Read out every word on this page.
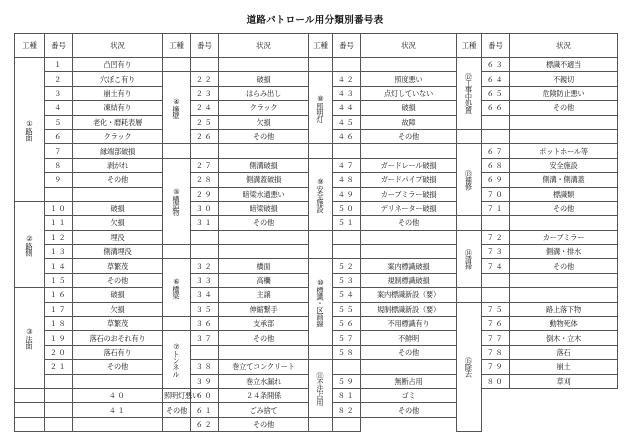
道路パトロール用分類別番号表
工種	番号	状況	工種	番号	状況	工種	番号	状況	工種	番号	状況
①路面	１	凸凹有り							⑫工事中処置	６３	標識不適当
	２	穴ぼこ有り	④擁壁	２２	破損	⑧照明灯	４２	照度悪い		６４	不親切
	３	崩土有り		２３	はらみ出し		４３	点灯していない		６５	危険防止悪い
	４	凍結有り		２４	クラック		４４	破損		６６	その他
	５	老化・磨耗表層		２５	欠損		４５	故障			
	６	クラック		２６	その他		４６	その他			
	７	縁端部破損							⑬補修	６７	ポットホール等
	８	剥がれ	⑤構造物	２７	側溝破損	⑨安全施設	４７	ガードレール破損		６８	安全施設
	９	その他		２８	側溝蓋破損		４８	ガードパイプ破損		６９	側溝・側溝蓋
				２９	暗梁水通悪い		４９	カーブミラー破損		７０	標識類
②路側	１０	破損		３０	暗梁破損		５０	デリネーター破損		７１	その他
	１１	欠損		３１	その他		５１	その他			
	１２	埋没							⑭清掃	７２	カーブミラー
	１３	側溝埋没								７３	側溝・排水
	１４	草繁茂	⑥橋梁	３２	橋面	⑩標識・区画線	５２	案内標識破損		７４	その他
	１５	その他		３３	高欄		５３	規制標識破損			
③法面	１６	破損		３４	主譲		５４	案内標識新設（要）			
	１７	欠損		３５	伸縮繋手		５５	規制標識新設（要）	⑮除去	７５	路上落下物
	１８	草繁茂		３６	支承部		５６	不用標識有り		７６	動物死体
	１９	落石のおそれ有り	⑦トンネル	３７	その他		５７	不鮮明		７７	倒木・立木
	２０	落石有り					５８	その他		７８	落石
	２１	その他		３８	巻立てコンクリート	⑪不法占用				７９	崩土
				３９	巻立水漏れ		５９	無断占用		８０	草刈
		４０	照明灯悪い	６０	２４条開係		８１	ゴミ			
		４１	その他	６１	ごみ捨て		８２	その他			
				６２	その他						
